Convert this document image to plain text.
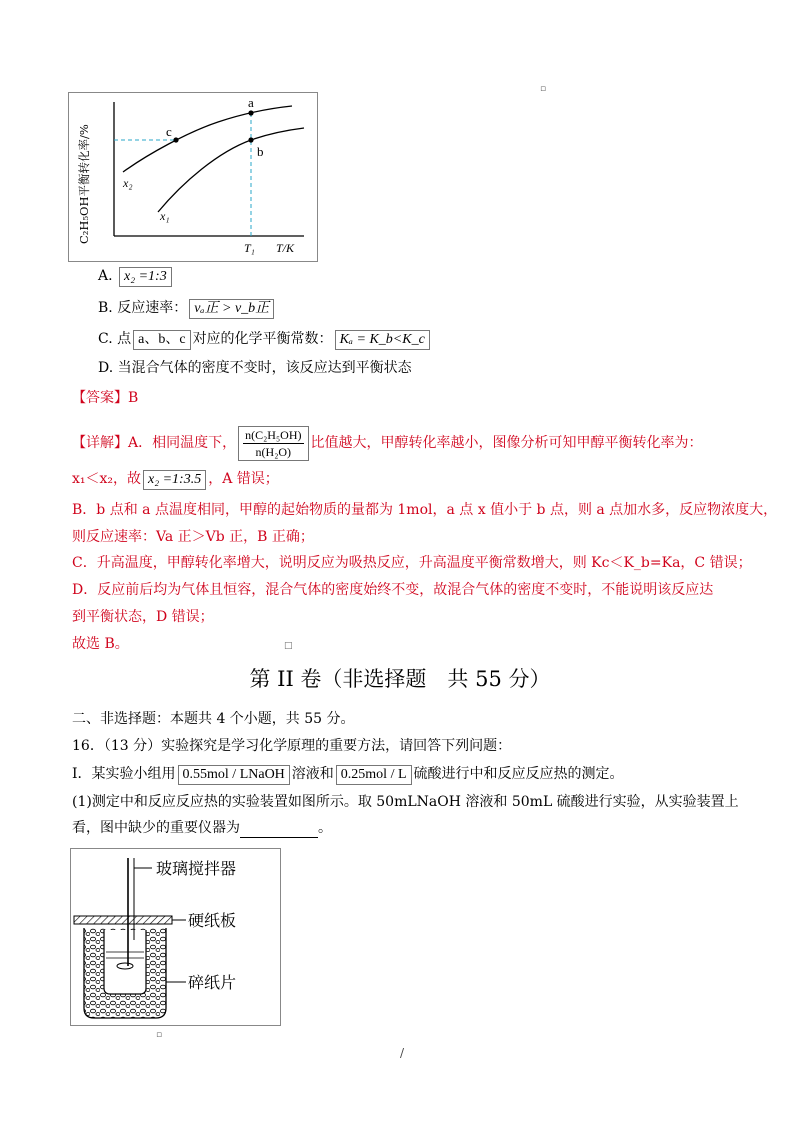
▫
□
▫
a
b
c
x₂
x₁
T₁ T/K
C₂H₅OH平衡转化率/%
A. x₂ =1:3
B. 反应速率： vₐ正 > v_b正
C. 点 a、b、c 对应的化学平衡常数： Kₐ = K_b<K_c
D. 当混合气体的密度不变时，该反应达到平衡状态
【答案】B
【详解】A．相同温度下， $\frac{\text{n(C₂H₅OH)}}{\text{n(H₂O)}}$ 比值越大，甲醇转化率越小，图像分析可知甲醇平衡转化率为：
x₁＜x₂，故 x₂ =1:3.5 ，A 错误；
B．b 点和 a 点温度相同，甲醇的起始物质的量都为 1mol，a 点 x 值小于 b 点，则 a 点加水多，反应物浓度大，
则反应速率：Va 正＞Vb 正，B 正确；
C．升高温度，甲醇转化率增大，说明反应为吸热反应，升高温度平衡常数增大，则 Kc＜K_b=Ka，C 错误；
D．反应前后均为气体且恒容，混合气体的密度始终不变，故混合气体的密度不变时，不能说明该反应达
到平衡状态，D 错误；
故选 B。
第 II 卷（非选择题　共 55 分）
二、非选择题：本题共 4 个小题，共 55 分。
16．（13 分）实验探究是学习化学原理的重要方法，请回答下列问题：
I．某实验小组用 0.55mol / LNaOH 溶液和 0.25mol / L 硫酸进行中和反应反应热的测定。
(1)测定中和反应反应热的实验装置如图所示。取 50mLNaOH 溶液和 50mL 硫酸进行实验，从实验装置上
看，图中缺少的重要仪器为	。
玻璃搅拌器
硬纸板
碎纸片
/
